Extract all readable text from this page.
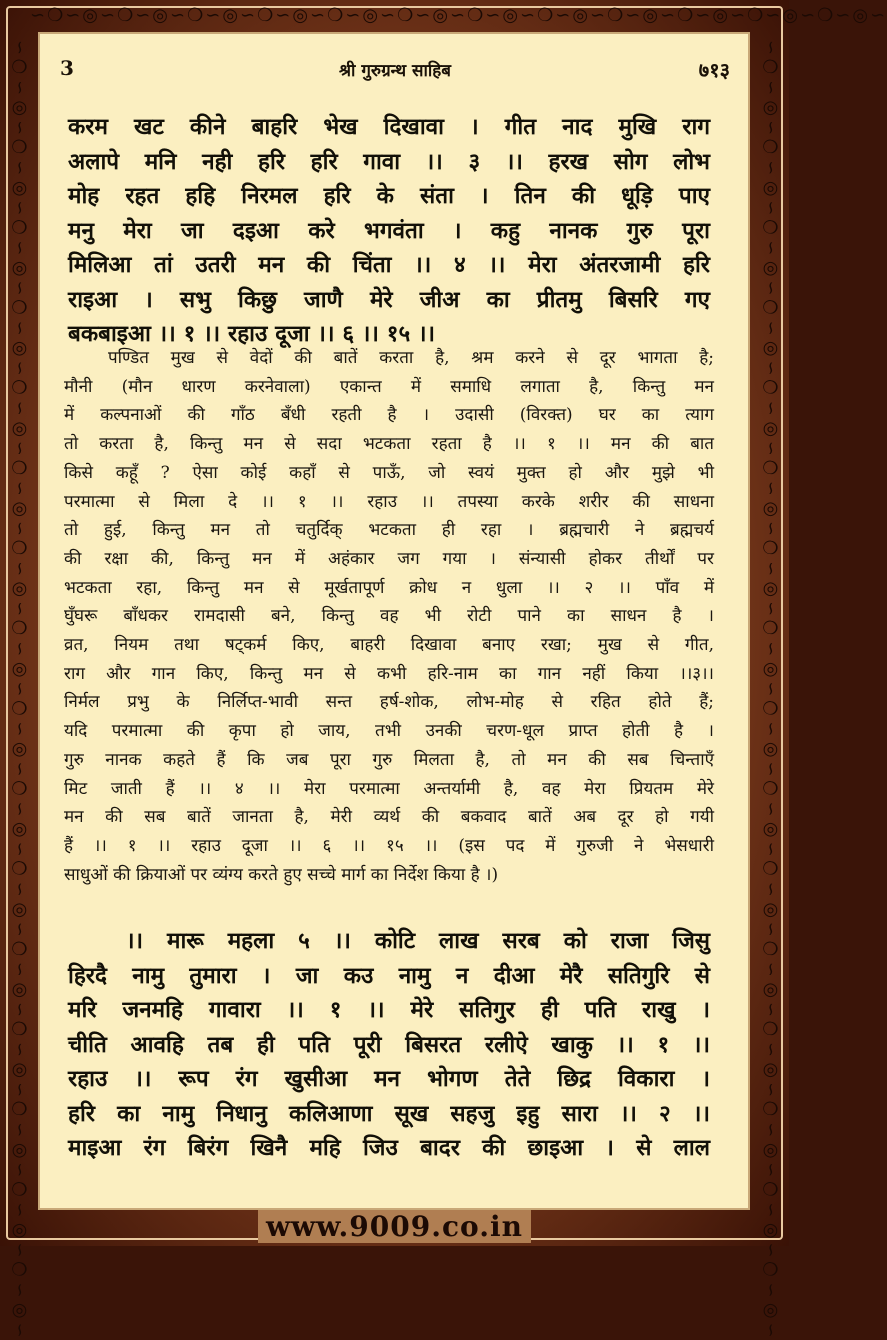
∽❍∽◎∽❍∽◎∽❍∽◎∽❍∽◎∽❍∽◎∽❍∽◎∽❍∽◎∽❍∽◎∽❍∽◎∽❍∽◎∽❍∽◎∽❍∽◎∽
∽❍∽◎∽❍∽◎∽❍∽◎∽❍∽◎∽❍∽◎∽❍∽◎∽❍∽◎∽❍∽◎∽❍∽◎∽❍∽◎∽❍∽◎∽❍∽◎∽❍∽◎∽❍∽◎∽❍∽◎∽❍∽◎∽	∽❍∽◎∽❍∽◎∽❍∽◎∽❍∽◎∽❍∽◎∽❍∽◎∽❍∽◎∽❍∽◎∽❍∽◎∽❍∽◎∽❍∽◎∽❍∽◎∽❍∽◎∽❍∽◎∽❍∽◎∽❍∽◎∽
3	श्री गुरुग्रन्थ साहिब	७१३
करम खट कीने बाहरि भेख दिखावा । गीत नाद मुखि राग
अलापे मनि नही हरि हरि गावा ।। ३ ।। हरख सोग लोभ
मोह रहत हहि निरमल हरि के संता । तिन की धूड़ि पाए
मनु मेरा जा दइआ करे भगवंता । कहु नानक गुरु पूरा
मिलिआ तां उतरी मन की चिंता ।। ४ ।। मेरा अंतरजामी हरि
राइआ । सभु किछु जाणै मेरे जीअ का प्रीतमु बिसरि गए
बकबाइआ ।। १ ।। रहाउ दूजा ।। ६ ।। १५ ।।
पण्डित मुख से वेदों की बातें करता है, श्रम करने से दूर भागता है;
मौनी (मौन धारण करनेवाला) एकान्त में समाधि लगाता है, किन्तु मन
में कल्पनाओं की गाँठ बँधी रहती है । उदासी (विरक्त) घर का त्याग
तो करता है, किन्तु मन से सदा भटकता रहता है ।। १ ।। मन की बात
किसे कहूँ ? ऐसा कोई कहाँ से पाऊँ, जो स्वयं मुक्त हो और मुझे भी
परमात्मा से मिला दे ।। १ ।। रहाउ ।। तपस्या करके शरीर की साधना
तो हुई, किन्तु मन तो चतुर्दिक् भटकता ही रहा । ब्रह्मचारी ने ब्रह्मचर्य
की रक्षा की, किन्तु मन में अहंकार जग गया । संन्यासी होकर तीर्थों पर
भटकता रहा, किन्तु मन से मूर्खतापूर्ण क्रोध न धुला ।। २ ।। पाँव में
घुँघरू बाँधकर रामदासी बने, किन्तु वह भी रोटी पाने का साधन है ।
व्रत, नियम तथा षट्कर्म किए, बाहरी दिखावा बनाए रखा; मुख से गीत,
राग और गान किए, किन्तु मन से कभी हरि-नाम का गान नहीं किया ।।३।।
निर्मल प्रभु के निर्लिप्त-भावी सन्त हर्ष-शोक, लोभ-मोह से रहित होते हैं;
यदि परमात्मा की कृपा हो जाय, तभी उनकी चरण-धूल प्राप्त होती है ।
गुरु नानक कहते हैं कि जब पूरा गुरु मिलता है, तो मन की सब चिन्ताएँ
मिट जाती हैं ।। ४ ।। मेरा परमात्मा अन्तर्यामी है, वह मेरा प्रियतम मेरे
मन की सब बातें जानता है, मेरी व्यर्थ की बकवाद बातें अब दूर हो गयी
हैं ।। १ ।। रहाउ दूजा ।। ६ ।। १५ ।। (इस पद में गुरुजी ने भेसधारी
साधुओं की क्रियाओं पर व्यंग्य करते हुए सच्चे मार्ग का निर्देश किया है ।)
।। मारू महला ५ ।। कोटि लाख सरब को राजा जिसु
हिरदै नामु तुमारा । जा कउ नामु न दीआ मेरै सतिगुरि से
मरि जनमहि गावारा ।। १ ।। मेरे सतिगुर ही पति राखु ।
चीति आवहि तब ही पति पूरी बिसरत रलीऐ खाकु ।। १ ।।
रहाउ ।। रूप रंग खुसीआ मन भोगण तेते छिद्र विकारा ।
हरि का नामु निधानु कलिआणा सूख सहजु इहु सारा ।। २ ।।
माइआ रंग बिरंग खिनै महि जिउ बादर की छाइआ । से लाल
www.9009.co.in
